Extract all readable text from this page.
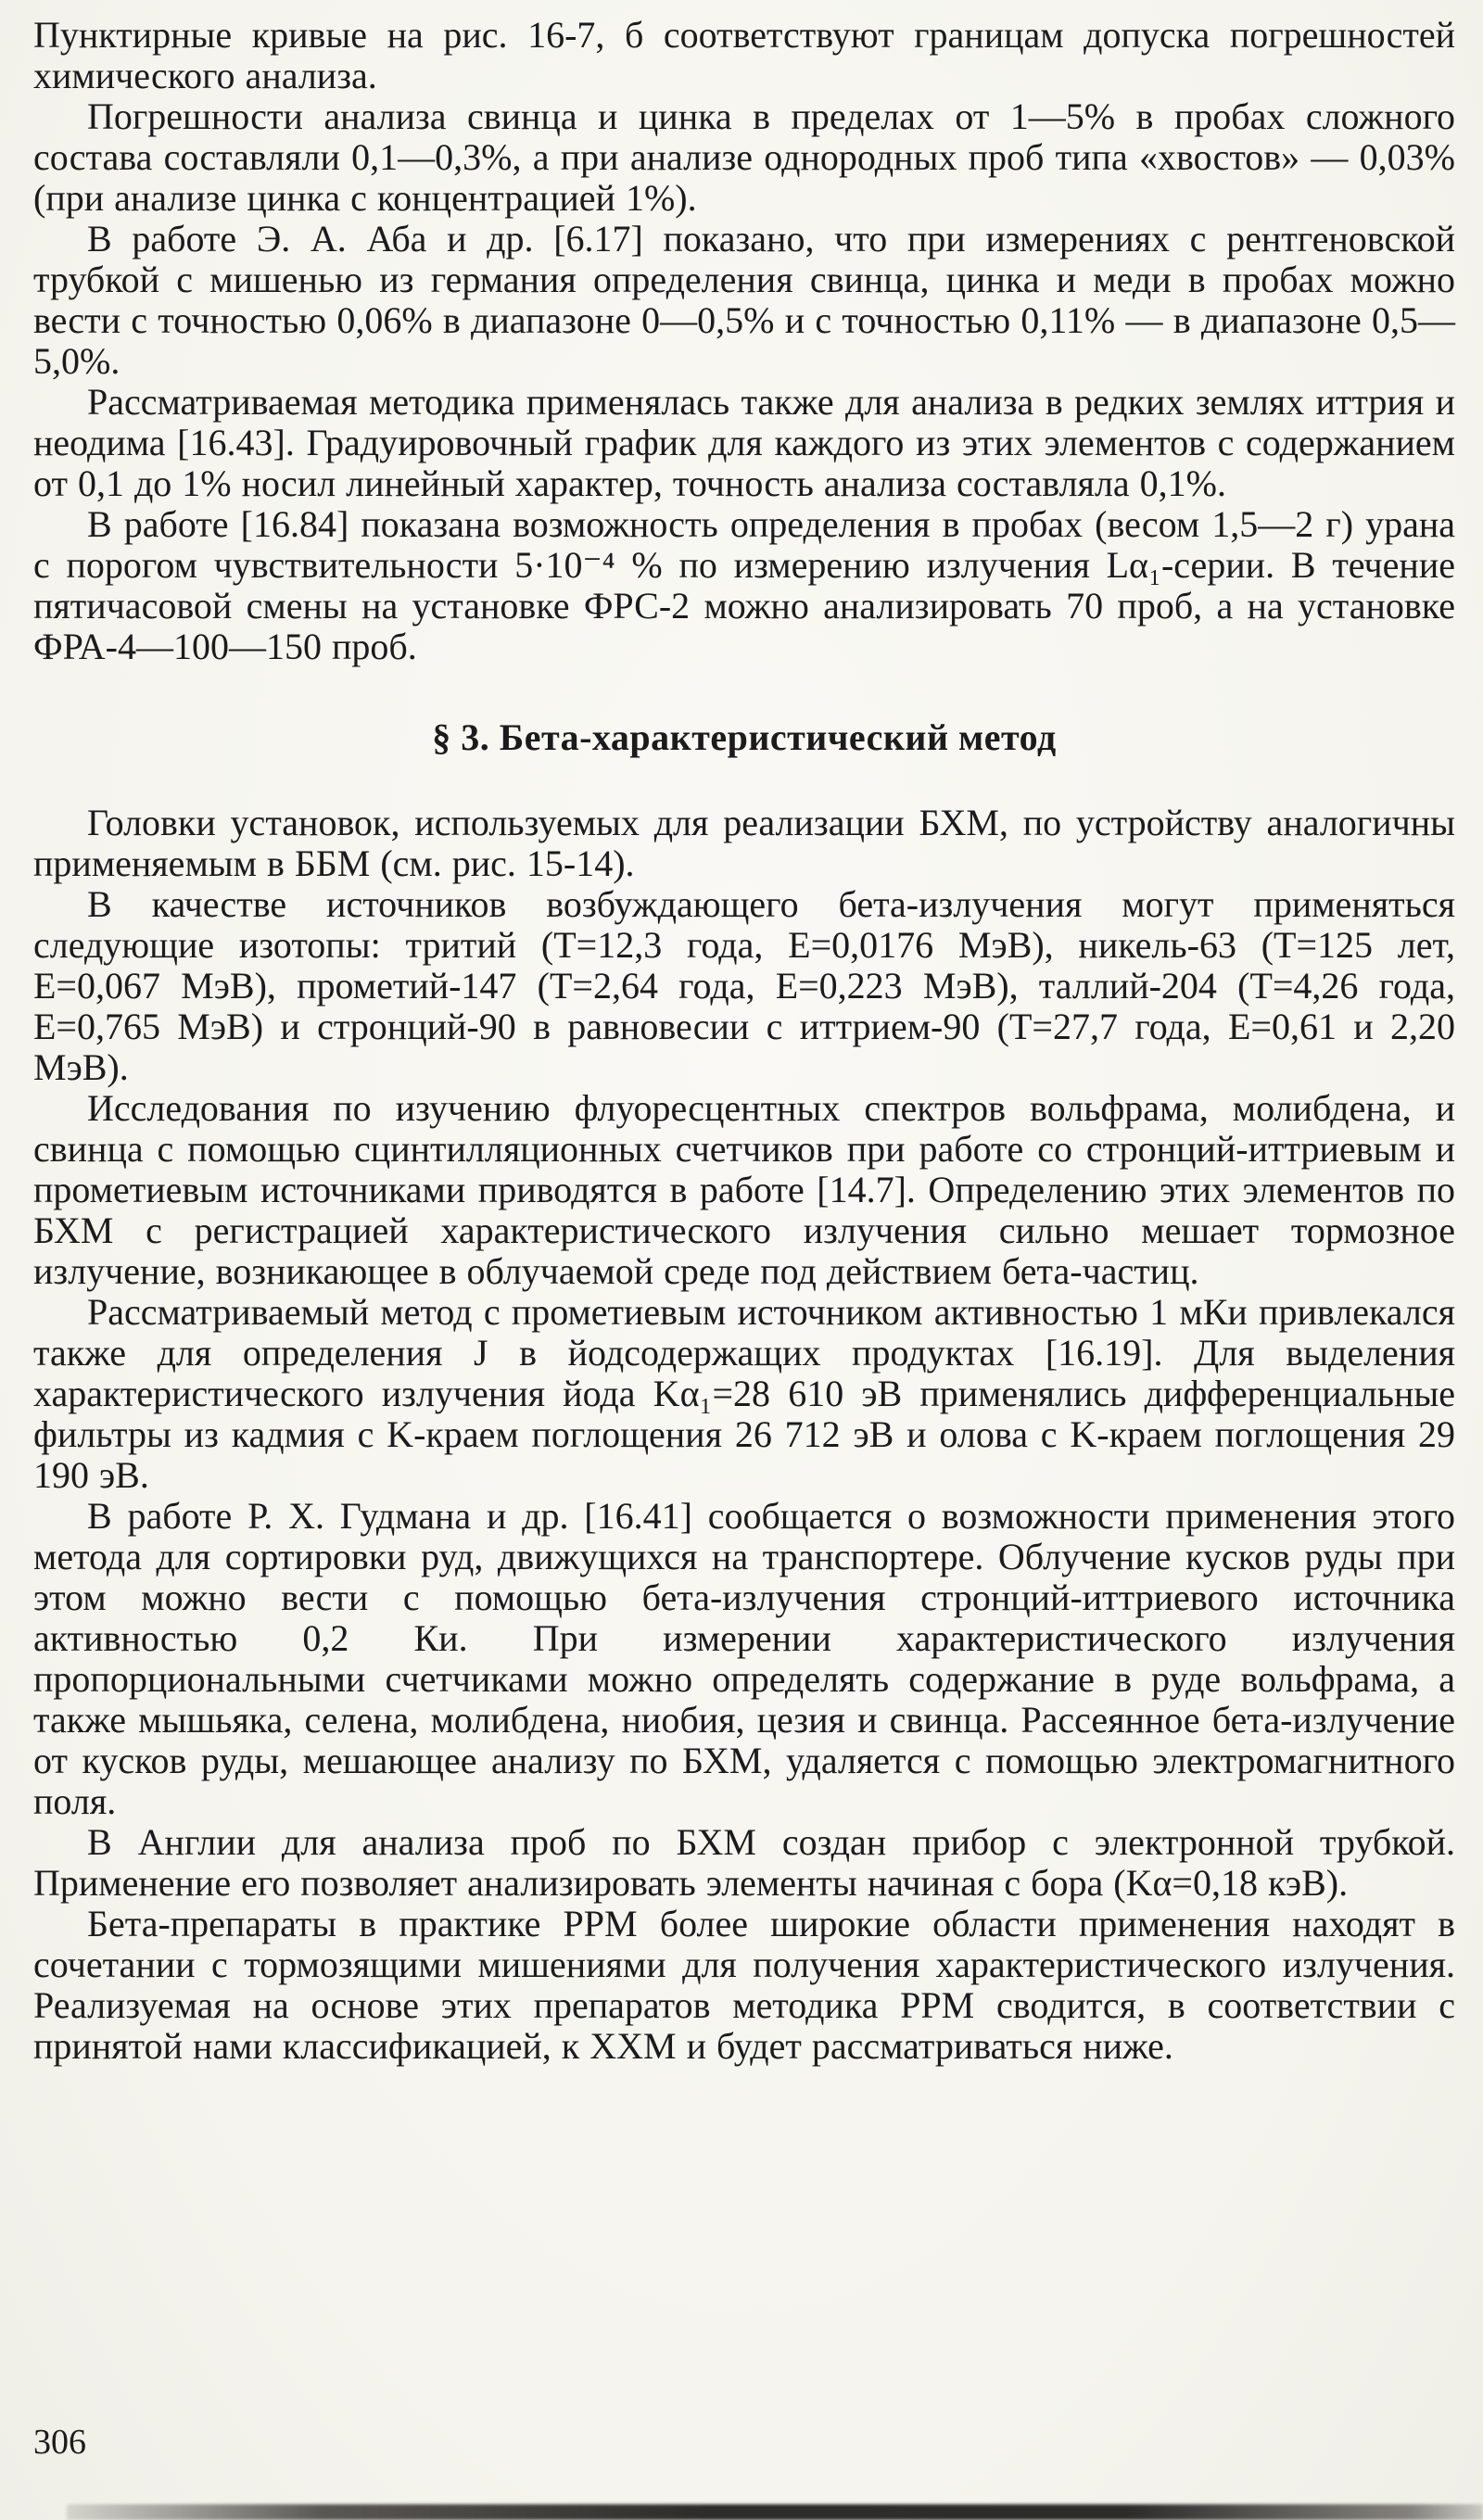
Пунктирные кривые на рис. 16-7, б соответствуют границам допуска погрешностей химического анализа.

Погрешности анализа свинца и цинка в пределах от 1—5% в пробах сложного состава составляли 0,1—0,3%, а при анализе однородных проб типа «хвостов» — 0,03% (при анализе цинка с концентрацией 1%).

В работе Э. А. Аба и др. [6.17] показано, что при измерениях с рентгеновской трубкой с мишенью из германия определения свинца, цинка и меди в пробах можно вести с точностью 0,06% в диапазоне 0—0,5% и с точностью 0,11% — в диапазоне 0,5—5,0%.

Рассматриваемая методика применялась также для анализа в редких землях иттрия и неодима [16.43]. Градуировочный график для каждого из этих элементов с содержанием от 0,1 до 1% носил линейный характер, точность анализа составляла 0,1%.

В работе [16.84] показана возможность определения в пробах (весом 1,5—2 г) урана с порогом чувствительности 5·10⁻⁴ % по измерению излучения Lα₁-серии. В течение пятичасовой смены на установке ФРС-2 можно анализировать 70 проб, а на установке ФРА-4—100—150 проб.

§ 3. Бета-характеристический метод

Головки установок, используемых для реализации БХМ, по устройству аналогичны применяемым в ББМ (см. рис. 15-14).

В качестве источников возбуждающего бета-излучения могут применяться следующие изотопы: тритий (T=12,3 года, E=0,0176 МэВ), никель-63 (T=125 лет, E=0,067 МэВ), прометий-147 (T=2,64 года, E=0,223 МэВ), таллий-204 (T=4,26 года, E=0,765 МэВ) и стронций-90 в равновесии с иттрием-90 (T=27,7 года, E=0,61 и 2,20 МэВ).

Исследования по изучению флуоресцентных спектров вольфрама, молибдена, и свинца с помощью сцинтилляционных счетчиков при работе со стронций-иттриевым и прометиевым источниками приводятся в работе [14.7]. Определению этих элементов по БХМ с регистрацией характеристического излучения сильно мешает тормозное излучение, возникающее в облучаемой среде под действием бета-частиц.

Рассматриваемый метод с прометиевым источником активностью 1 мКи привлекался также для определения J в йодсодержащих продуктах [16.19]. Для выделения характеристического излучения йода Kα₁=28 610 эВ применялись дифференциальные фильтры из кадмия с K-краем поглощения 26 712 эВ и олова с K-краем поглощения 29 190 эВ.

В работе Р. Х. Гудмана и др. [16.41] сообщается о возможности применения этого метода для сортировки руд, движущихся на транспортере. Облучение кусков руды при этом можно вести с помощью бета-излучения стронций-иттриевого источника активностью 0,2 Ки. При измерении характеристического излучения пропорциональными счетчиками можно определять содержание в руде вольфрама, а также мышьяка, селена, молибдена, ниобия, цезия и свинца. Рассеянное бета-излучение от кусков руды, мешающее анализу по БХМ, удаляется с помощью электромагнитного поля.

В Англии для анализа проб по БХМ создан прибор с электронной трубкой. Применение его позволяет анализировать элементы начиная с бора (Kα=0,18 кэВ).

Бета-препараты в практике РРМ более широкие области применения находят в сочетании с тормозящими мишениями для получения характеристического излучения. Реализуемая на основе этих препаратов методика РРМ сводится, в соответствии с принятой нами классификацией, к ХХМ и будет рассматриваться ниже.

306
